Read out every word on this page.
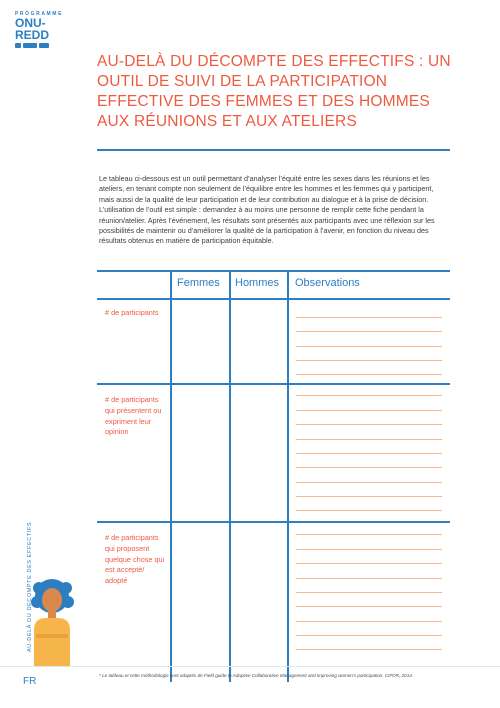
PROGRAMME
ONU-REDD
AU-DELÀ DU DÉCOMPTE DES EFFECTIFS : UN OUTIL DE SUIVI DE LA PARTICIPATION EFFECTIVE DES FEMMES ET DES HOMMES AUX RÉUNIONS ET AUX ATELIERS
Le tableau ci-dessous est un outil permettant d’analyser l’équité entre les sexes dans les réunions et les ateliers, en tenant compte non seulement de l’équilibre entre les hommes et les femmes qui y participent, mais aussi de la qualité de leur participation et de leur contribution au dialogue et à la prise de décision. L’utilisation de l’outil est simple : demandez à au moins une personne de remplir cette fiche pendant la réunion/atelier. Après l’événement, les résultats sont présentés aux participants avec une réflexion sur les possibilités de maintenir ou d’améliorer la qualité de la participation à l’avenir, en fonction du niveau des résultats obtenus en matière de participation équitable.
Femmes Hommes Observations
# de participants
# de participants qui présentent ou expriment leur opinion
# de participants qui proposent quelque chose qui est accepté/ adopté
AU-DELÀ DU DÉCOMPTE DES EFFECTIFS
FR
* Le tableau et cette méthodologie sont adaptés de Field guide to Adaptive Collaborative Management and improving women’s participation, CIFOR, 2014.
